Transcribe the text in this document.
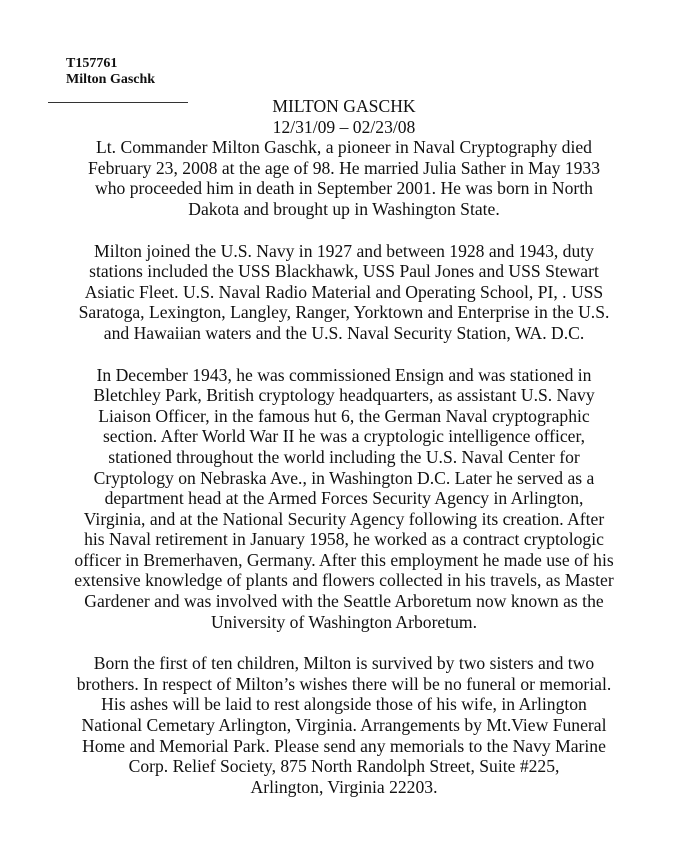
T157761
Milton Gaschk
MILTON GASCHK
12/31/09 – 02/23/08
Lt. Commander Milton Gaschk, a pioneer in Naval Cryptography died
February 23, 2008 at the age of 98. He married Julia Sather in May 1933
who proceeded him in death in September 2001. He was born in North
Dakota and brought up in Washington State.
Milton joined the U.S. Navy in 1927 and between 1928 and 1943, duty
stations included the USS Blackhawk, USS Paul Jones and USS Stewart
Asiatic Fleet. U.S. Naval Radio Material and Operating School, PI, . USS
Saratoga, Lexington, Langley, Ranger, Yorktown and Enterprise in the U.S.
and Hawaiian waters and the U.S. Naval Security Station, WA. D.C.
In December 1943, he was commissioned Ensign and was stationed in
Bletchley Park, British cryptology headquarters, as assistant U.S. Navy
Liaison Officer, in the famous hut 6, the German Naval cryptographic
section. After World War II he was a cryptologic intelligence officer,
stationed throughout the world including the U.S. Naval Center for
Cryptology on Nebraska Ave., in Washington D.C. Later he served as a
department head at the Armed Forces Security Agency in Arlington,
Virginia, and at the National Security Agency following its creation. After
his Naval retirement in January 1958, he worked as a contract cryptologic
officer in Bremerhaven, Germany. After this employment he made use of his
extensive knowledge of plants and flowers collected in his travels, as Master
Gardener and was involved with the Seattle Arboretum now known as the
University of Washington Arboretum.
Born the first of ten children, Milton is survived by two sisters and two
brothers. In respect of Milton’s wishes there will be no funeral or memorial.
His ashes will be laid to rest alongside those of his wife, in Arlington
National Cemetary Arlington, Virginia. Arrangements by Mt.View Funeral
Home and Memorial Park. Please send any memorials to the Navy Marine
Corp. Relief Society, 875 North Randolph Street, Suite #225,
Arlington, Virginia 22203.
